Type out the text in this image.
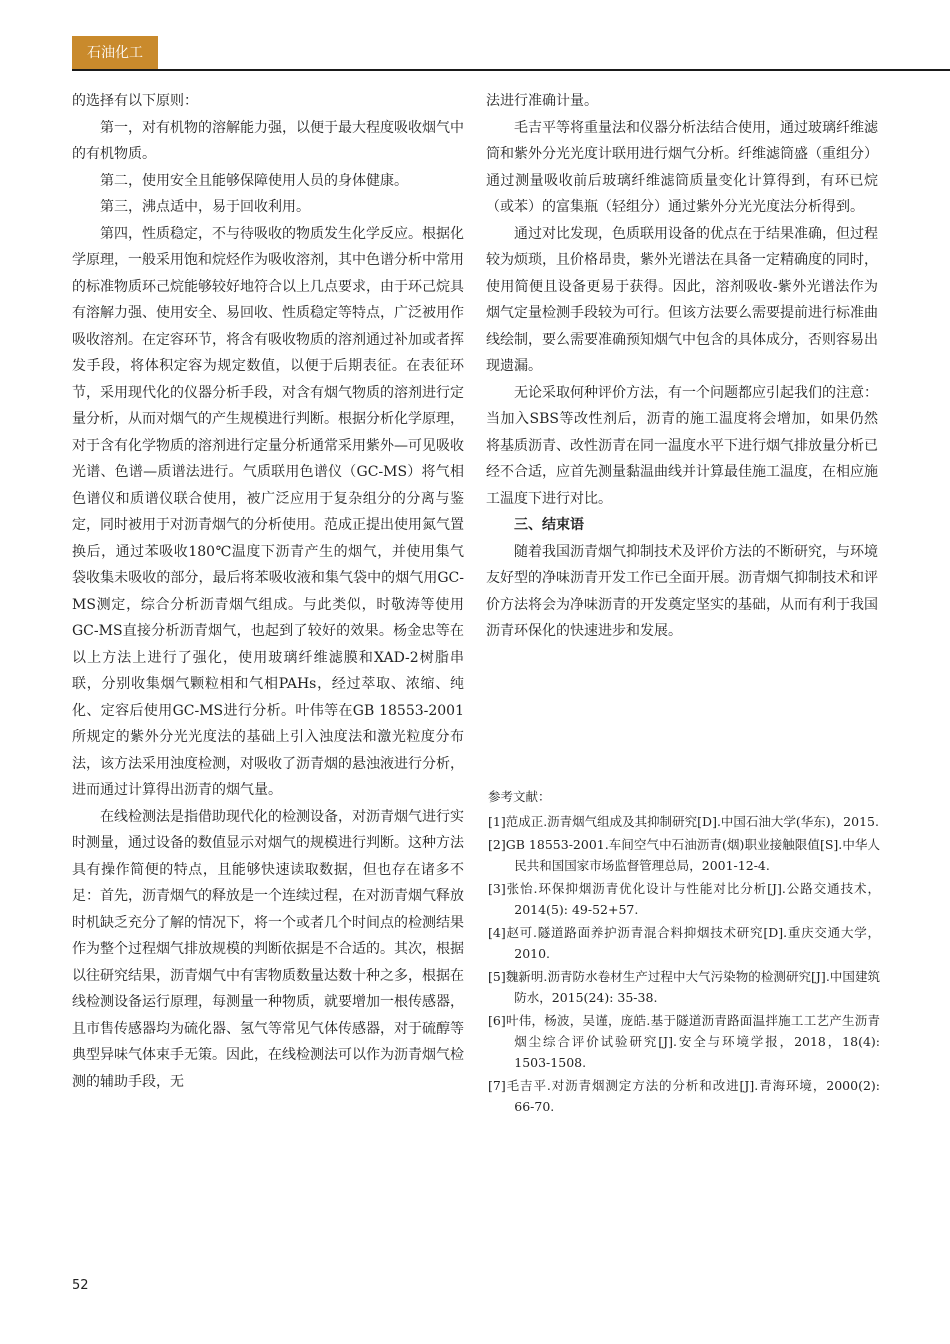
石油化工

的选择有以下原则：

第一，对有机物的溶解能力强，以便于最大程度吸收烟气中的有机物质。

第二，使用安全且能够保障使用人员的身体健康。

第三，沸点适中，易于回收利用。

第四，性质稳定，不与待吸收的物质发生化学反应。根据化学原理，一般采用饱和烷烃作为吸收溶剂，其中色谱分析中常用的标准物质环己烷能够较好地符合以上几点要求，由于环己烷具有溶解力强、使用安全、易回收、性质稳定等特点，广泛被用作吸收溶剂。在定容环节，将含有吸收物质的溶剂通过补加或者挥发手段，将体积定容为规定数值，以便于后期表征。在表征环节，采用现代化的仪器分析手段，对含有烟气物质的溶剂进行定量分析，从而对烟气的产生规模进行判断。根据分析化学原理，对于含有化学物质的溶剂进行定量分析通常采用紫外—可见吸收光谱、色谱—质谱法进行。气质联用色谱仪（GC-MS）将气相色谱仪和质谱仪联合使用，被广泛应用于复杂组分的分离与鉴定，同时被用于对沥青烟气的分析使用。范成正提出使用氮气置换后，通过苯吸收180℃温度下沥青产生的烟气，并使用集气袋收集未吸收的部分，最后将苯吸收液和集气袋中的烟气用GC-MS测定，综合分析沥青烟气组成。与此类似，时敬涛等使用GC-MS直接分析沥青烟气，也起到了较好的效果。杨金忠等在以上方法上进行了强化，使用玻璃纤维滤膜和XAD-2树脂串联，分别收集烟气颗粒相和气相PAHs，经过萃取、浓缩、纯化、定容后使用GC-MS进行分析。叶伟等在GB 18553-2001所规定的紫外分光光度法的基础上引入浊度法和激光粒度分布法，该方法采用浊度检测，对吸收了沥青烟的悬浊液进行分析，进而通过计算得出沥青的烟气量。

在线检测法是指借助现代化的检测设备，对沥青烟气进行实时测量，通过设备的数值显示对烟气的规模进行判断。这种方法具有操作简便的特点，且能够快速读取数据，但也存在诸多不足：首先，沥青烟气的释放是一个连续过程，在对沥青烟气释放时机缺乏充分了解的情况下，将一个或者几个时间点的检测结果作为整个过程烟气排放规模的判断依据是不合适的。其次，根据以往研究结果，沥青烟气中有害物质数量达数十种之多，根据在线检测设备运行原理，每测量一种物质，就要增加一根传感器，且市售传感器均为硫化器、氢气等常见气体传感器，对于硫醇等典型异味气体束手无策。因此，在线检测法可以作为沥青烟气检测的辅助手段，无

法进行准确计量。

毛吉平等将重量法和仪器分析法结合使用，通过玻璃纤维滤筒和紫外分光光度计联用进行烟气分析。纤维滤筒盛（重组分）通过测量吸收前后玻璃纤维滤筒质量变化计算得到，有环已烷（或苯）的富集瓶（轻组分）通过紫外分光光度法分析得到。

通过对比发现，色质联用设备的优点在于结果准确，但过程较为烦琐，且价格昂贵，紫外光谱法在具备一定精确度的同时，使用简便且设备更易于获得。因此，溶剂吸收-紫外光谱法作为烟气定量检测手段较为可行。但该方法要么需要提前进行标准曲线绘制，要么需要准确预知烟气中包含的具体成分，否则容易出现遗漏。

无论采取何种评价方法，有一个问题都应引起我们的注意：当加入SBS等改性剂后，沥青的施工温度将会增加，如果仍然将基质沥青、改性沥青在同一温度水平下进行烟气排放量分析已经不合适，应首先测量黏温曲线并计算最佳施工温度，在相应施工温度下进行对比。

三、结束语

随着我国沥青烟气抑制技术及评价方法的不断研究，与环境友好型的净味沥青开发工作已全面开展。沥青烟气抑制技术和评价方法将会为净味沥青的开发奠定坚实的基础，从而有利于我国沥青环保化的快速进步和发展。

参考文献：
[1]范成正.沥青烟气组成及其抑制研究[D].中国石油大学(华东)，2015.
[2]GB 18553-2001.车间空气中石油沥青(烟)职业接触限值[S].中华人民共和国国家市场监督管理总局，2001-12-4.
[3]张怡.环保抑烟沥青优化设计与性能对比分析[J].公路交通技术，2014(5): 49-52+57.
[4]赵可.隧道路面养护沥青混合料抑烟技术研究[D].重庆交通大学，2010.
[5]魏新明.沥青防水卷材生产过程中大气污染物的检测研究[J].中国建筑防水，2015(24): 35-38.
[6]叶伟，杨波，吴谨，庞皓.基于隧道沥青路面温拌施工工艺产生沥青烟尘综合评价试验研究[J].安全与环境学报，2018，18(4): 1503-1508.
[7]毛吉平.对沥青烟测定方法的分析和改进[J].青海环境，2000(2): 66-70.
52
